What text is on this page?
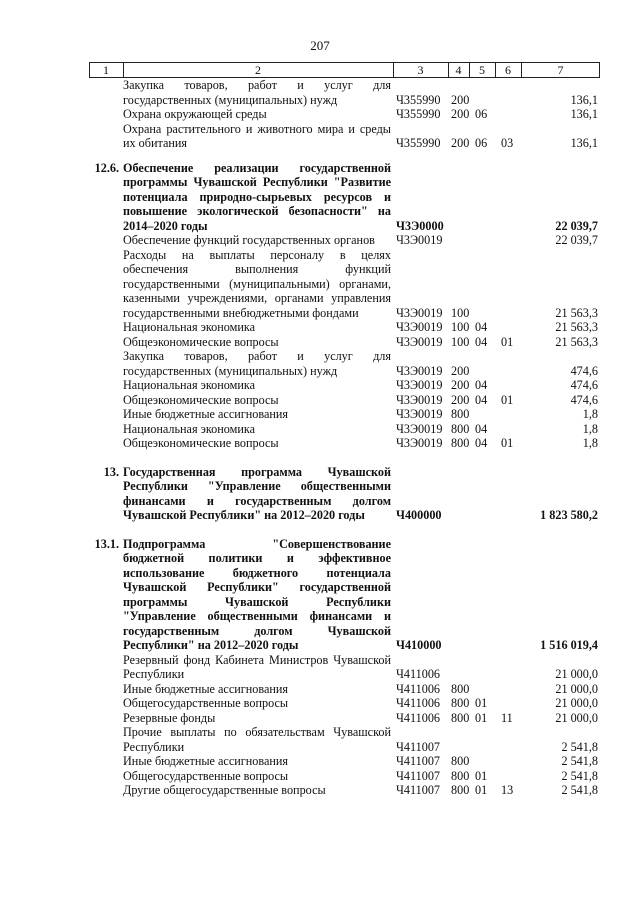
207
1	2	3	4	5	6	7
Закупка товаров, работ и услуг для государственных (муниципальных) нужд	Ч355990 200	136,1
Охрана окружающей среды	Ч355990 200 06	136,1
Охрана растительного и животного мира и среды их обитания	Ч355990 200 06 03	136,1
12.6. Обеспечение реализации государственной программы Чувашской Республики "Развитие потенциала природно-сырьевых ресурсов и повышение экологической безопасности" на 2014–2020 годы	Ч3Э0000	22 039,7
Обеспечение функций государственных органов	Ч3Э0019	22 039,7
Расходы на выплаты персоналу в целях обеспечения выполнения функций государственными (муниципальными) органами, казенными учреждениями, органами управления государственными внебюджетными фондами	Ч3Э0019 100	21 563,3
Национальная экономика	Ч3Э0019 100 04	21 563,3
Общеэкономические вопросы	Ч3Э0019 100 04 01	21 563,3
Закупка товаров, работ и услуг для государственных (муниципальных) нужд	Ч3Э0019 200	474,6
Национальная экономика	Ч3Э0019 200 04	474,6
Общеэкономические вопросы	Ч3Э0019 200 04 01	474,6
Иные бюджетные ассигнования	Ч3Э0019 800	1,8
Национальная экономика	Ч3Э0019 800 04	1,8
Общеэкономические вопросы	Ч3Э0019 800 04 01	1,8
13. Государственная программа Чувашской Республики "Управление общественными финансами и государственным долгом Чувашской Республики" на 2012–2020 годы	Ч400000	1 823 580,2
13.1. Подпрограмма "Совершенствование бюджетной политики и эффективное использование бюджетного потенциала Чувашской Республики" государственной программы Чувашской Республики "Управление общественными финансами и государственным долгом Чувашской Республики" на 2012–2020 годы	Ч410000	1 516 019,4
Резервный фонд Кабинета Министров Чувашской Республики	Ч411006	21 000,0
Иные бюджетные ассигнования	Ч411006 800	21 000,0
Общегосударственные вопросы	Ч411006 800 01	21 000,0
Резервные фонды	Ч411006 800 01 11	21 000,0
Прочие выплаты по обязательствам Чувашской Республики	Ч411007	2 541,8
Иные бюджетные ассигнования	Ч411007 800	2 541,8
Общегосударственные вопросы	Ч411007 800 01	2 541,8
Другие общегосударственные вопросы	Ч411007 800 01 13	2 541,8
